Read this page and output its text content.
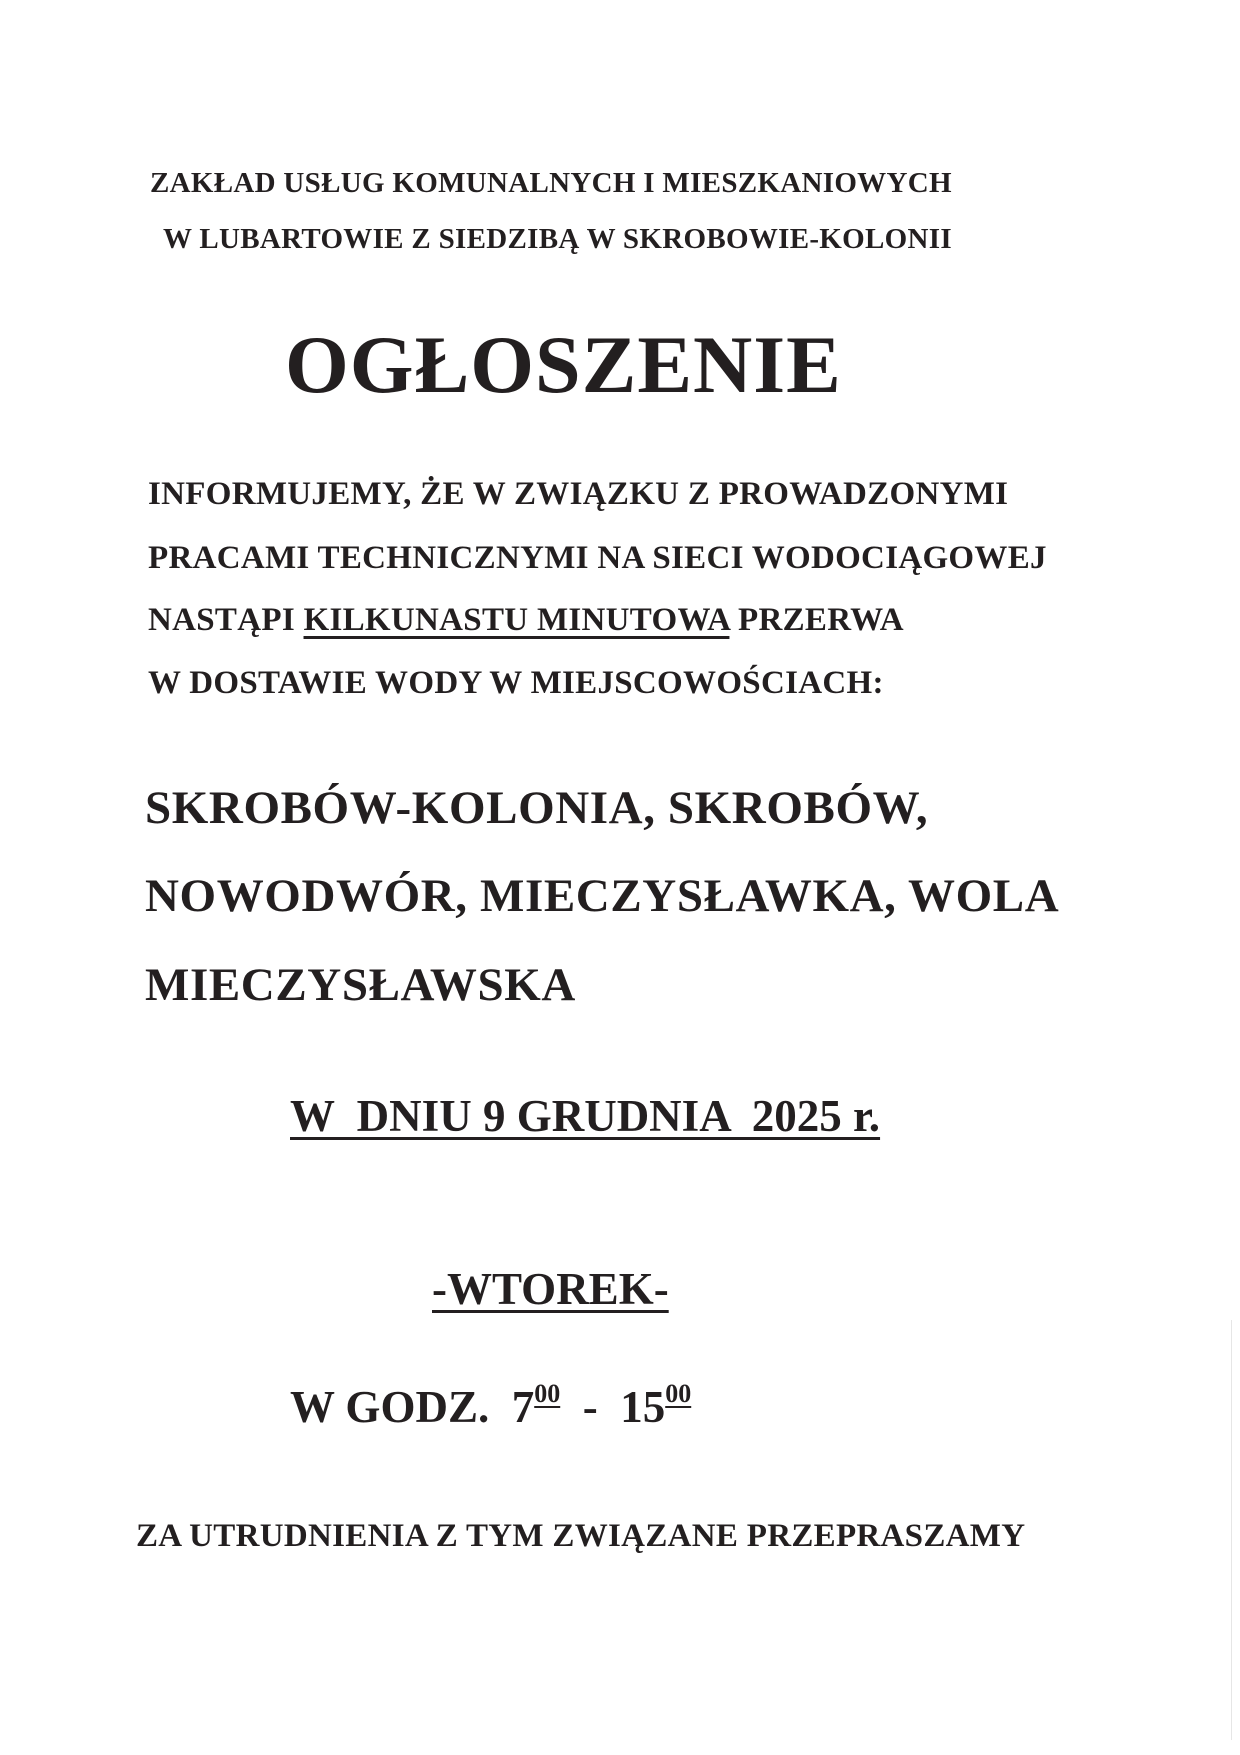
ZAKŁAD USŁUG KOMUNALNYCH I MIESZKANIOWYCH
W LUBARTOWIE Z SIEDZIBĄ W SKROBOWIE-KOLONII
OGŁOSZENIE
INFORMUJEMY, ŻE W ZWIĄZKU Z PROWADZONYMI
PRACAMI TECHNICZNYMI NA SIECI WODOCIĄGOWEJ
NASTĄPI KILKUNASTU MINUTOWA PRZERWA
W DOSTAWIE WODY W MIEJSCOWOŚCIACH:
SKROBÓW-KOLONIA, SKROBÓW,
NOWODWÓR, MIECZYSŁAWKA, WOLA
MIECZYSŁAWSKA
W  DNIU 9 GRUDNIA  2025 r.
-WTOREK-
W GODZ.  $7^{00} - 15^{00}$
ZA UTRUDNIENIA Z TYM ZWIĄZANE PRZEPRASZAMY
